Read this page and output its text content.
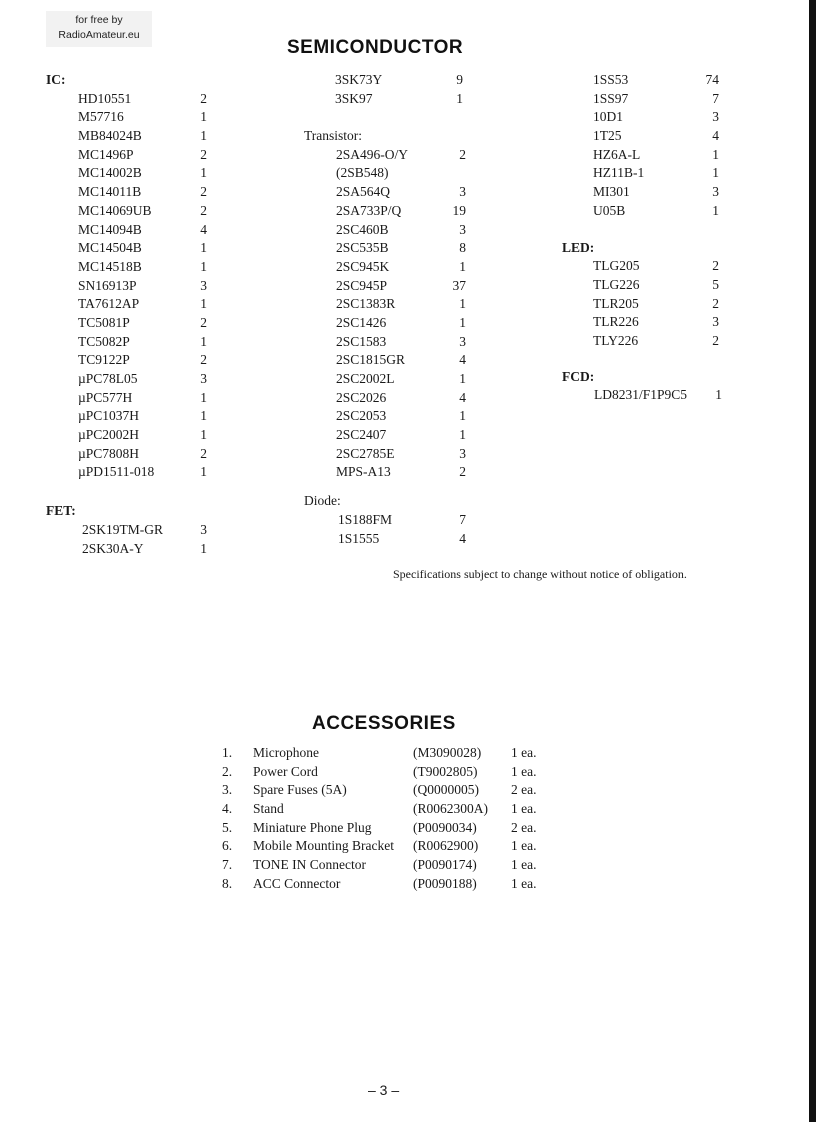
for free by
RadioAmateur.eu
SEMICONDUCTOR
IC:
HD10551	2
M57716	1
MB84024B	1
MC1496P	2
MC14002B	1
MC14011B	2
MC14069UB	2
MC14094B	4
MC14504B	1
MC14518B	1
SN16913P	3
TA7612AP	1
TC5081P	2
TC5082P	1
TC9122P	2
µPC78L05	3
µPC577H	1
µPC1037H	1
µPC2002H	1
µPC7808H	2
µPD1511-018	1
FET:
2SK19TM-GR	3
2SK30A-Y	1
3SK73Y	9
3SK97	1
Transistor:
2SA496-O/Y	2
(2SB548)
2SA564Q	3
2SA733P/Q	19
2SC460B	3
2SC535B	8
2SC945K	1
2SC945P	37
2SC1383R	1
2SC1426	1
2SC1583	3
2SC1815GR	4
2SC2002L	1
2SC2026	4
2SC2053	1
2SC2407	1
2SC2785E	3
MPS-A13	2
Diode:
1S188FM	7
1S1555	4
1SS53	74
1SS97	7
10D1	3
1T25	4
HZ6A-L	1
HZ11B-1	1
MI301	3
U05B	1
LED:
TLG205	2
TLG226	5
TLR205	2
TLR226	3
TLY226	2
FCD:
LD8231/F1P9C5	1
Specifications subject to change without notice of obligation.
ACCESSORIES
1. Microphone	(M3090028) 1 ea.
2. Power Cord	(T9002805) 1 ea.
3. Spare Fuses (5A)	(Q0000005) 2 ea.
4. Stand	(R0062300A) 1 ea.
5. Miniature Phone Plug	(P0090034)	2 ea.
6. Mobile Mounting Bracket (R0062900) 1 ea.
7. TONE IN Connector	(P0090174)	1 ea.
8. ACC Connector	(P0090188)	1 ea.
– 3 –
